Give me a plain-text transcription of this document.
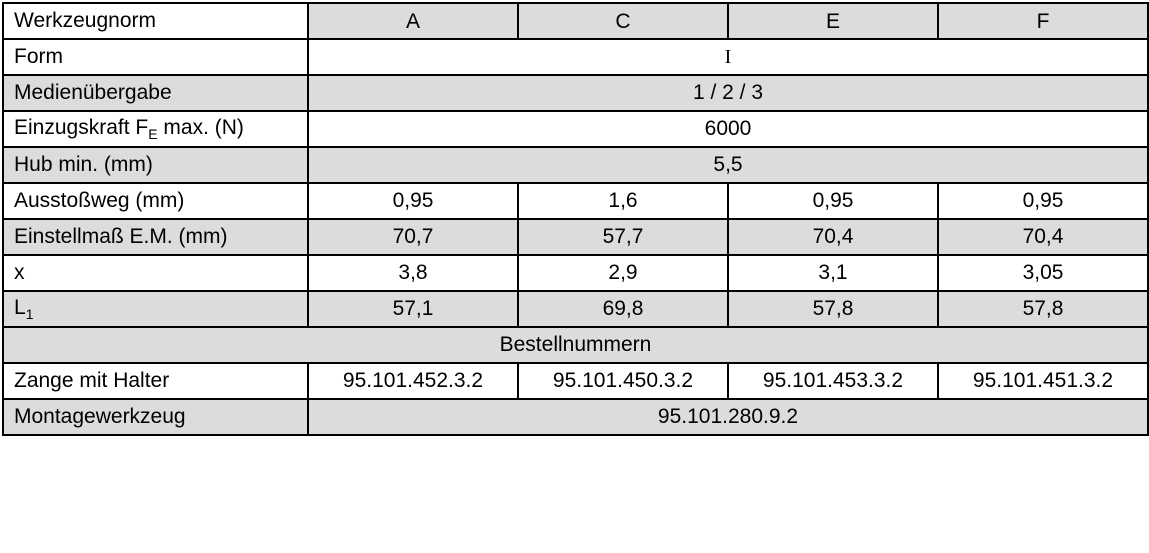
Werkzeugnorm	A	C	E	F
Form	I			
Medienübergabe	1 / 2 / 3			
Einzugskraft $F_E$ max. (N)	6000			
Hub min. (mm)	5,5			
Ausstoßweg (mm)	0,95	1,6	0,95	0,95
Einstellmaß E.M. (mm)	70,7	57,7	70,4	70,4
x	3,8	2,9	3,1	3,05
$L_1$	57,1	69,8	57,8	57,8
Bestellnummern				
Zange mit Halter	95.101.452.3.2	95.101.450.3.2	95.101.453.3.2	95.101.451.3.2
Montagewerkzeug	95.101.280.9.2			
